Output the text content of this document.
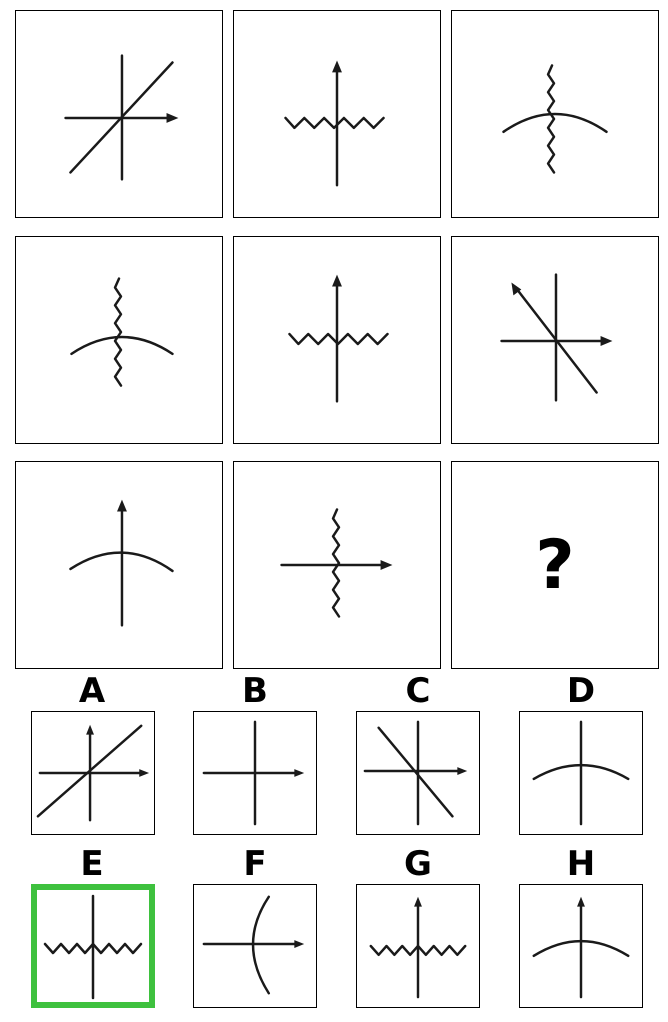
?
A	B	C	D
E	F	G	H
